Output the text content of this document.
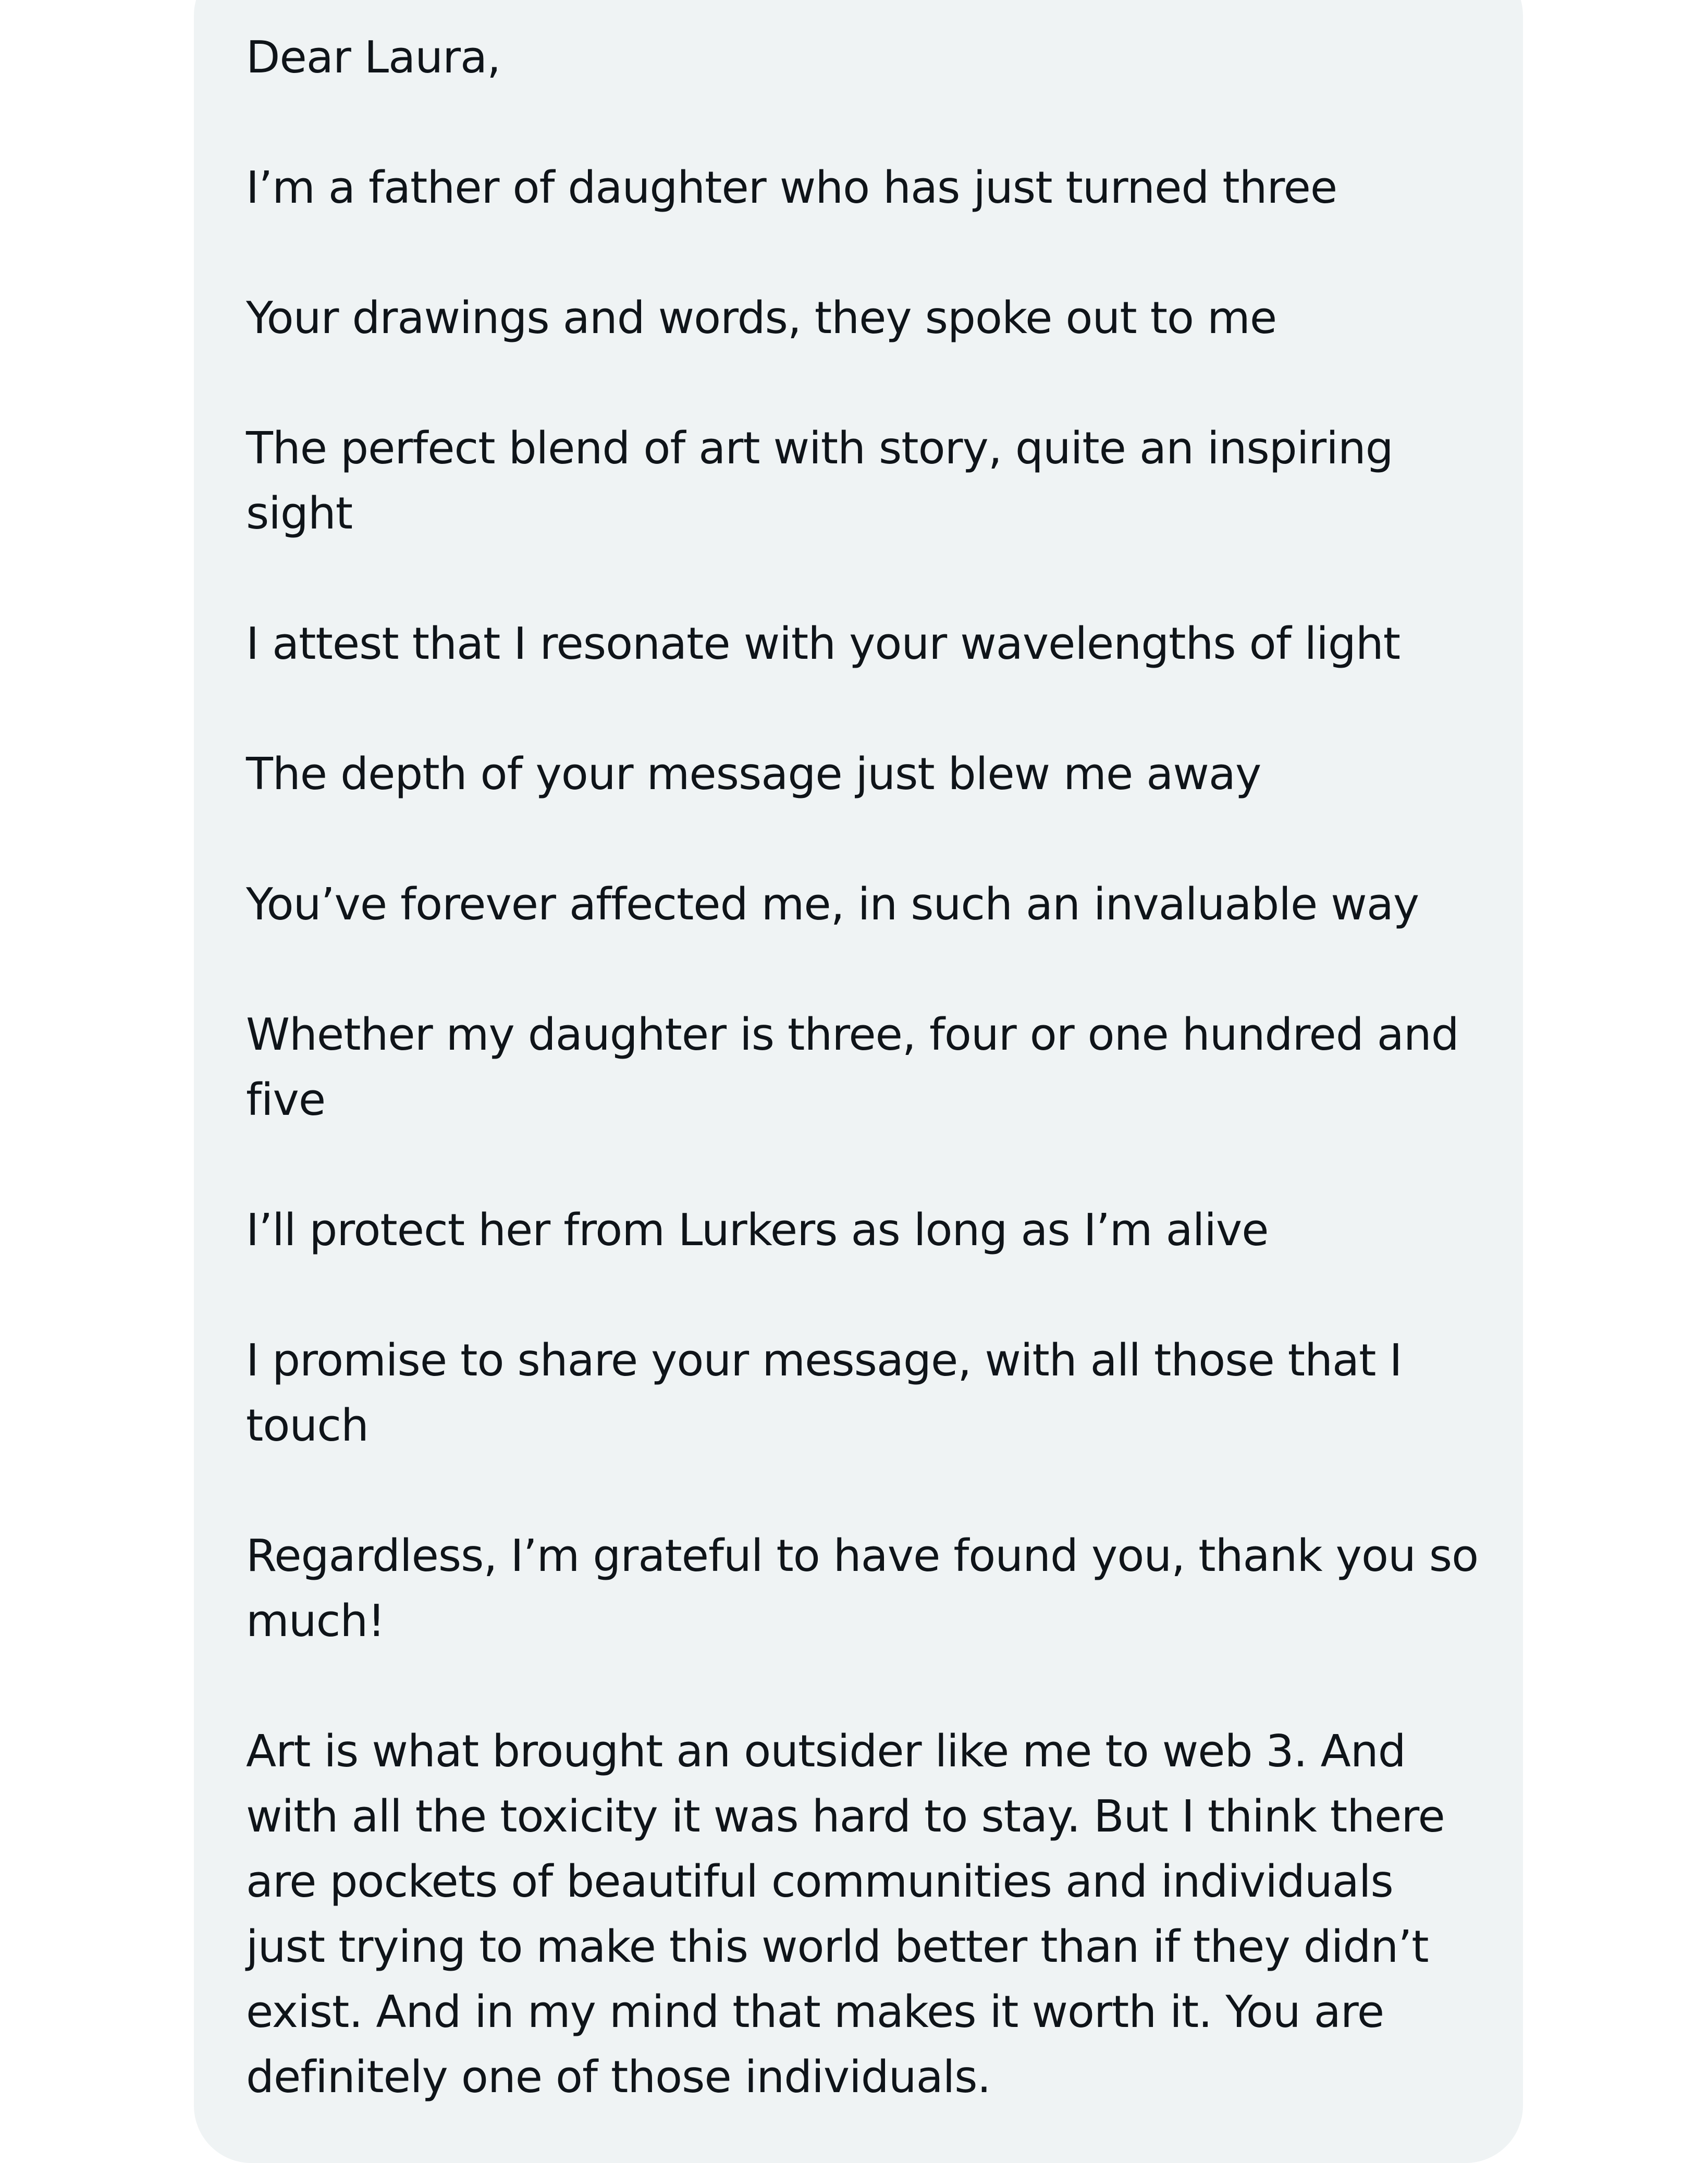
Dear Laura,

I’m a father of daughter who has just turned three

Your drawings and words, they spoke out to me

The perfect blend of art with story, quite an inspiring
sight

I attest that I resonate with your wavelengths of light

The depth of your message just blew me away

You’ve forever affected me, in such an invaluable way

Whether my daughter is three, four or one hundred and
five

I’ll protect her from Lurkers as long as I’m alive

I promise to share your message, with all those that I
touch

Regardless, I’m grateful to have found you, thank you so
much!

Art is what brought an outsider like me to web 3. And
with all the toxicity it was hard to stay. But I think there
are pockets of beautiful communities and individuals
just trying to make this world better than if they didn’t
exist. And in my mind that makes it worth it. You are
definitely one of those individuals.
